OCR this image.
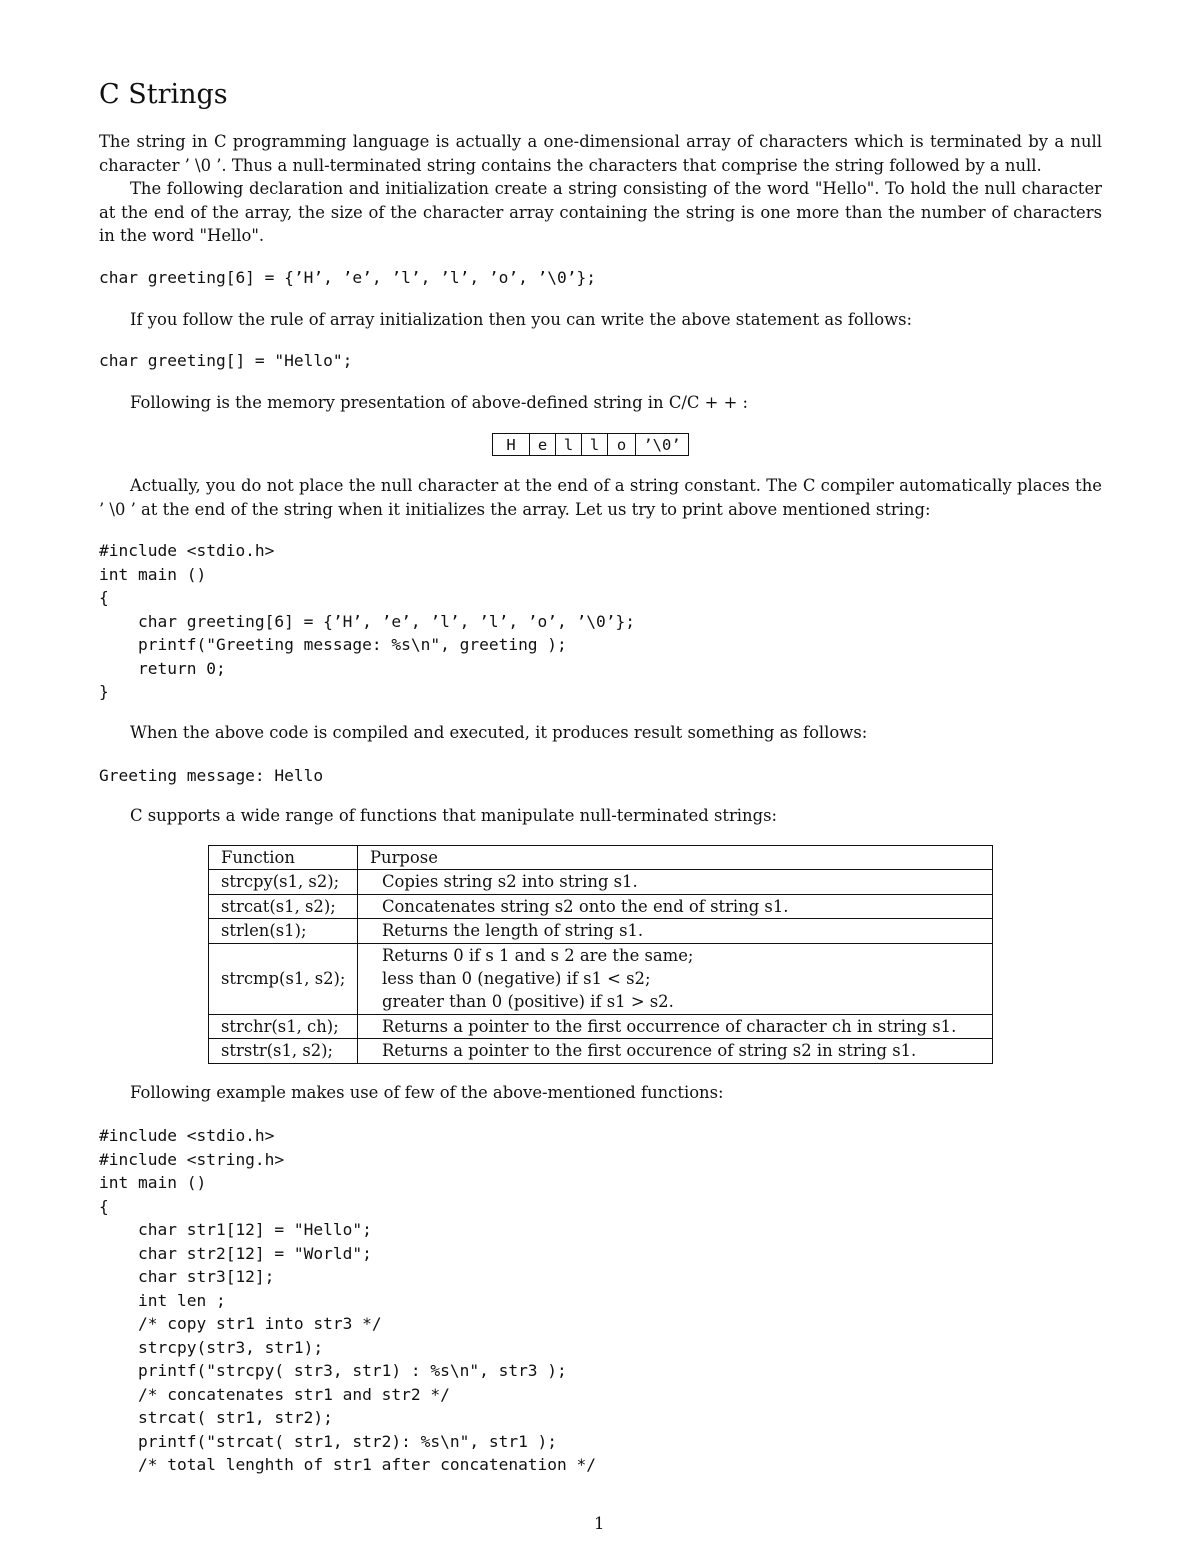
C Strings
The string in C programming language is actually a one-dimensional array of characters which is terminated by a null character ’ \0 ’. Thus a null-terminated string contains the characters that comprise the string followed by a null.
The following declaration and initialization create a string consisting of the word "Hello". To hold the null character at the end of the array, the size of the character array containing the string is one more than the number of characters in the word "Hello".
char greeting[6] = {’H’, ’e’, ’l’, ’l’, ’o’, ’\0’};
If you follow the rule of array initialization then you can write the above statement as follows:
char greeting[] = "Hello";
Following is the memory presentation of above-defined string in C/C + + :
H	e	l	l	o	’\0’
Actually, you do not place the null character at the end of a string constant. The C compiler automatically places the ’ \0 ’ at the end of the string when it initializes the array. Let us try to print above mentioned string:
#include <stdio.h>
int main ()
{
char greeting[6] = {’H’, ’e’, ’l’, ’l’, ’o’, ’\0’};
printf("Greeting message: %s\n", greeting );
return 0;
}
When the above code is compiled and executed, it produces result something as follows:
Greeting message: Hello
C supports a wide range of functions that manipulate null-terminated strings:
Function	Purpose
strcpy(s1, s2);	Copies string s2 into string s1.
strcat(s1, s2);	Concatenates string s2 onto the end of string s1.
strlen(s1);	Returns the length of string s1.
strcmp(s1, s2);	Returns 0 if s 1 and s 2 are the same;
less than 0 (negative) if s1 < s2;
greater than 0 (positive) if s1 > s2.

strchr(s1, ch);	Returns a pointer to the first occurrence of character ch in string s1.
strstr(s1, s2);	Returns a pointer to the first occurence of string s2 in string s1.
Following example makes use of few of the above-mentioned functions:
#include <stdio.h>
#include <string.h>
int main ()
{
char str1[12] = "Hello";
char str2[12] = "World";
char str3[12];
int len ;
/* copy str1 into str3 */
strcpy(str3, str1);
printf("strcpy( str3, str1) : %s\n", str3 );
/* concatenates str1 and str2 */
strcat( str1, str2);
printf("strcat( str1, str2): %s\n", str1 );
/* total lenghth of str1 after concatenation */
1
